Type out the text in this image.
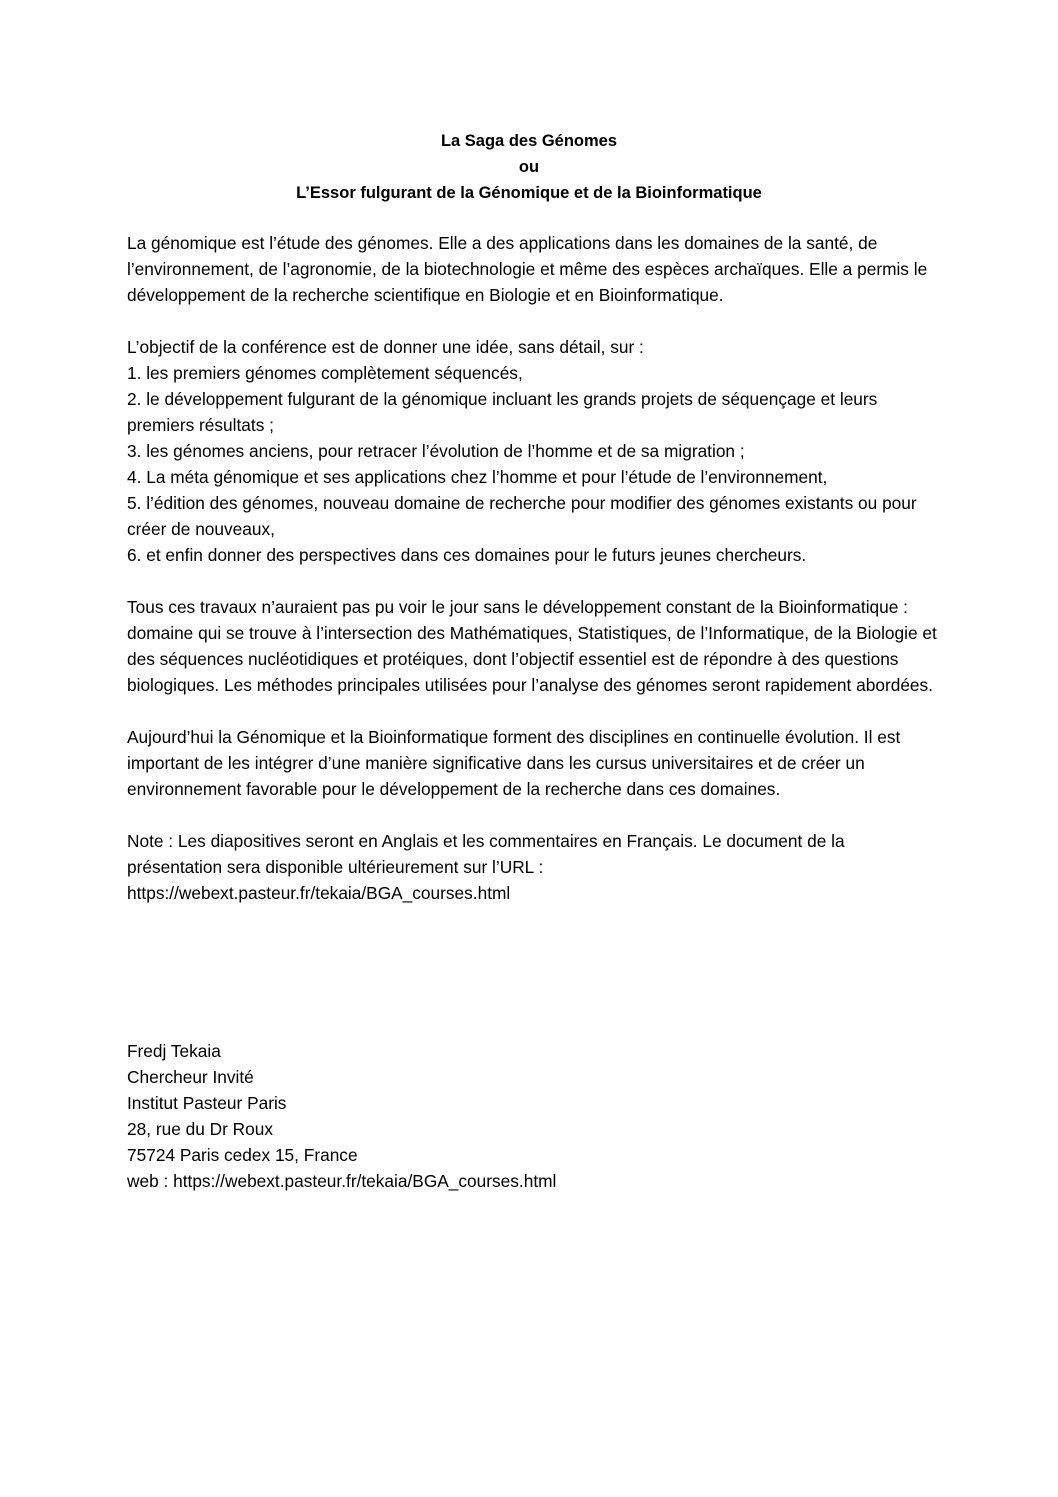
La Saga des Génomes
ou
L’Essor fulgurant de la Génomique et de la Bioinformatique

La génomique est l’étude des génomes. Elle a des applications dans les domaines de la santé, de l’environnement, de l’agronomie, de la biotechnologie et même des espèces archaïques. Elle a permis le développement de la recherche scientifique en Biologie et en Bioinformatique.

L’objectif de la conférence est de donner une idée, sans détail, sur :

1. les premiers génomes complètement séquencés,
2. le développement fulgurant de la génomique incluant les grands projets de séquençage et leurs premiers résultats ;
3. les génomes anciens, pour retracer l’évolution de l’homme et de sa migration ;
4. La méta génomique et ses applications chez l’homme et pour l’étude de l’environnement,
5. l’édition des génomes, nouveau domaine de recherche pour modifier des génomes existants ou pour créer de nouveaux,
6. et enfin donner des perspectives dans ces domaines pour le futurs jeunes chercheurs.

Tous ces travaux n’auraient pas pu voir le jour sans le développement constant de la Bioinformatique : domaine qui se trouve à l’intersection des Mathématiques, Statistiques, de l’Informatique, de la Biologie et des séquences nucléotidiques et protéiques, dont l’objectif essentiel est de répondre à des questions biologiques. Les méthodes principales utilisées pour l’analyse des génomes seront rapidement abordées.

Aujourd’hui la Génomique et la Bioinformatique forment des disciplines en continuelle évolution. Il est important de les intégrer d’une manière significative dans les cursus universitaires et de créer un environnement favorable pour le développement de la recherche dans ces domaines.

Note : Les diapositives seront en Anglais et les commentaires en Français. Le document de la présentation sera disponible ultérieurement sur l’URL :

https://webext.pasteur.fr/tekaia/BGA_courses.html

Fredj Tekaia
Chercheur Invité
Institut Pasteur Paris
28, rue du Dr Roux
75724 Paris cedex 15, France
web : https://webext.pasteur.fr/tekaia/BGA_courses.html
